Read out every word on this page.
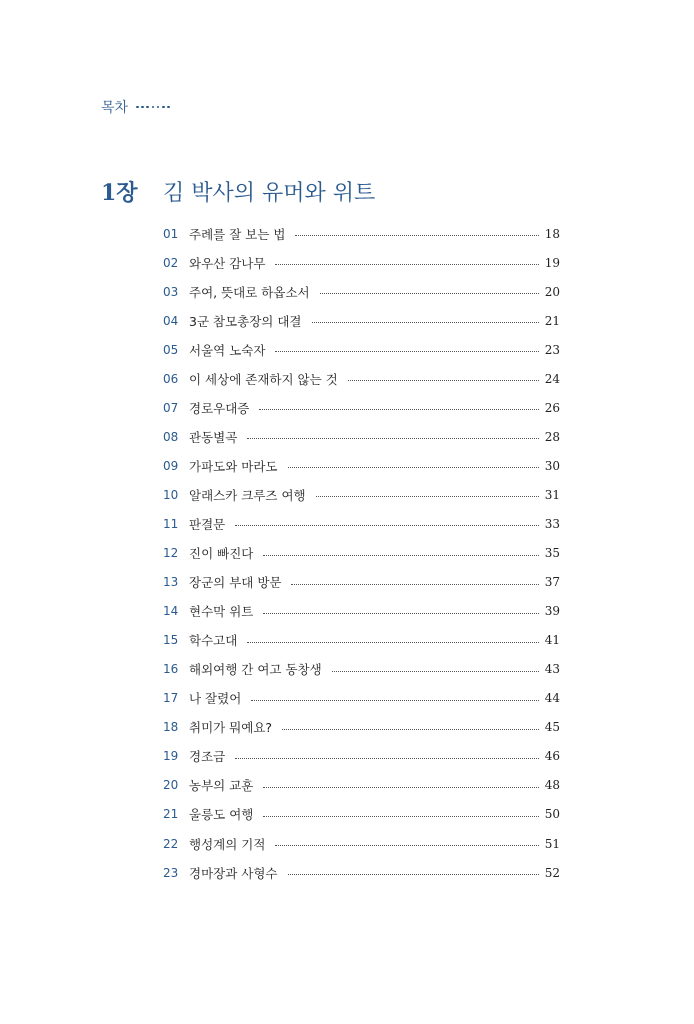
목차
1장	김 박사의 유머와 위트
01 주례를 잘 보는 법	18
02 와우산 감나무	19
03 주여, 뜻대로 하옵소서	20
04 3군 참모총장의 대결	21
05 서울역 노숙자	23
06 이 세상에 존재하지 않는 것	24
07 경로우대증	26
08 관동별곡	28
09 가파도와 마라도	30
10 알래스카 크루즈 여행	31
11 판결문	33
12 진이 빠진다	35
13 장군의 부대 방문	37
14 현수막 위트	39
15 학수고대	41
16 해외여행 간 여고 동창생	43
17 나 잘렸어	44
18 취미가 뭐예요?	45
19 경조금	46
20 농부의 교훈	48
21 울릉도 여행	50
22 행성계의 기적	51
23 경마장과 사형수	52
